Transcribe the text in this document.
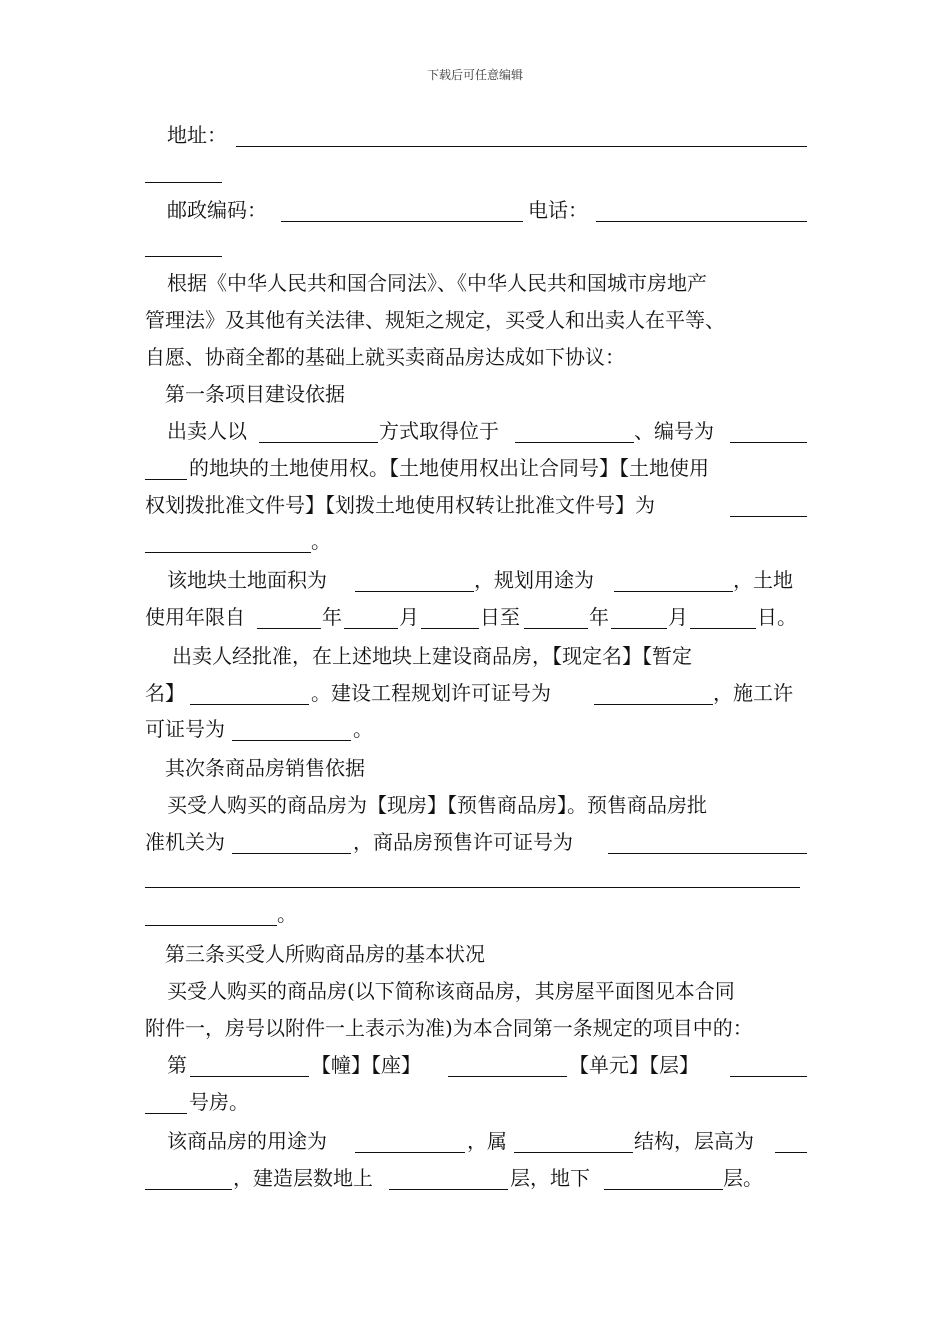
下载后可任意编辑
地址：
邮政编码：	电话：
根据《中华人民共和国合同法》、《中华人民共和国城市房地产
管理法》及其他有关法律、规矩之规定，买受人和出卖人在平等、
自愿、协商全都的基础上就买卖商品房达成如下协议：
第一条项目建设依据
出卖人以	方式取得位于	、编号为
的地块的土地使用权。【土地使用权出让合同号】【土地使用
权划拨批准文件号】【划拨土地使用权转让批准文件号】为
。
该地块土地面积为	，规划用途为	，土地
使用年限自	年	月	日至	年	月	日。
出卖人经批准，在上述地块上建设商品房，【现定名】【暂定
名】	。建设工程规划许可证号为	，施工许
可证号为	。
其次条商品房销售依据
买受人购买的商品房为【现房】【预售商品房】。预售商品房批
准机关为	，商品房预售许可证号为
。
第三条买受人所购商品房的基本状况
买受人购买的商品房(以下简称该商品房，其房屋平面图见本合同
附件一，房号以附件一上表示为准)为本合同第一条规定的项目中的：
第	【幢】【座】	【单元】【层】
号房。
该商品房的用途为	，属	结构，层高为
，建造层数地上	层，地下	层。
